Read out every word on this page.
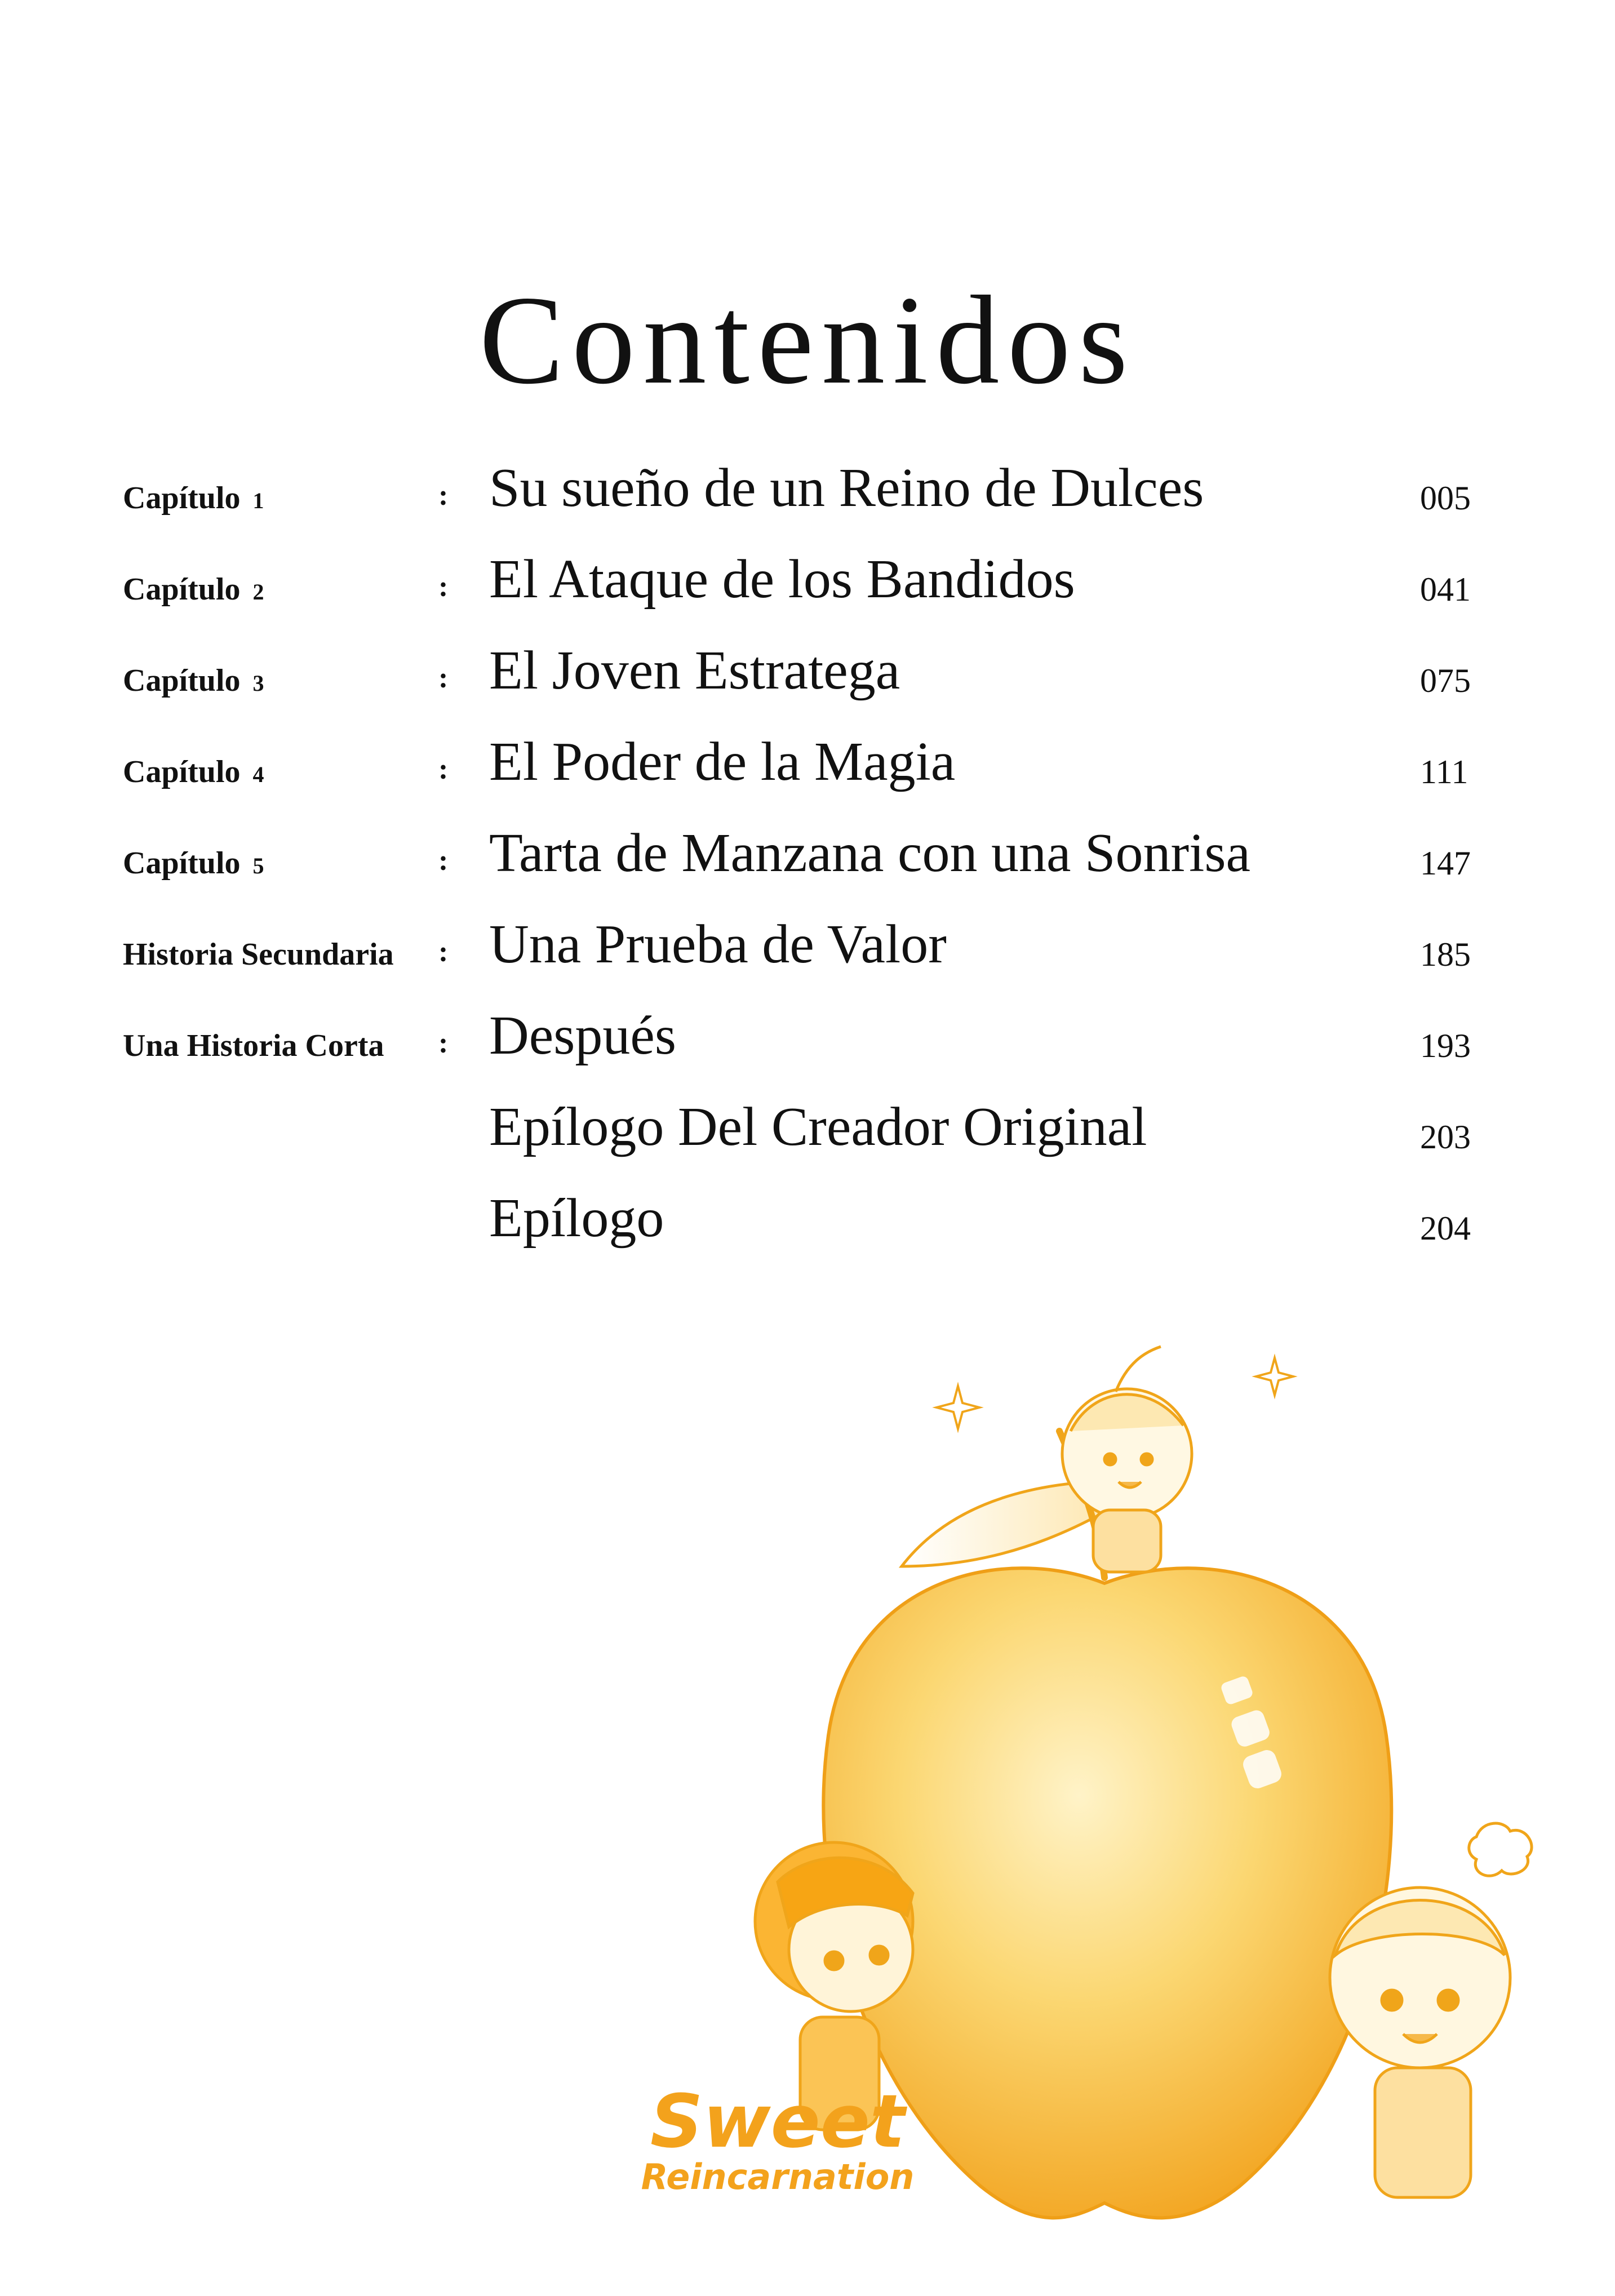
Contenidos
Capítulo 1	: Su sueño de un Reino de Dulces	005
Capítulo 2	: El Ataque de los Bandidos	041
Capítulo 3	: El Joven Estratega	075
Capítulo 4	: El Poder de la Magia	111
Capítulo 5	: Tarta de Manzana con una Sonrisa	147
Historia Secundaria : Una Prueba de Valor	185
Una Historia Corta : Después	193
Epílogo Del Creador Original	203
Epílogo	204
Sweet
Reincarnation
